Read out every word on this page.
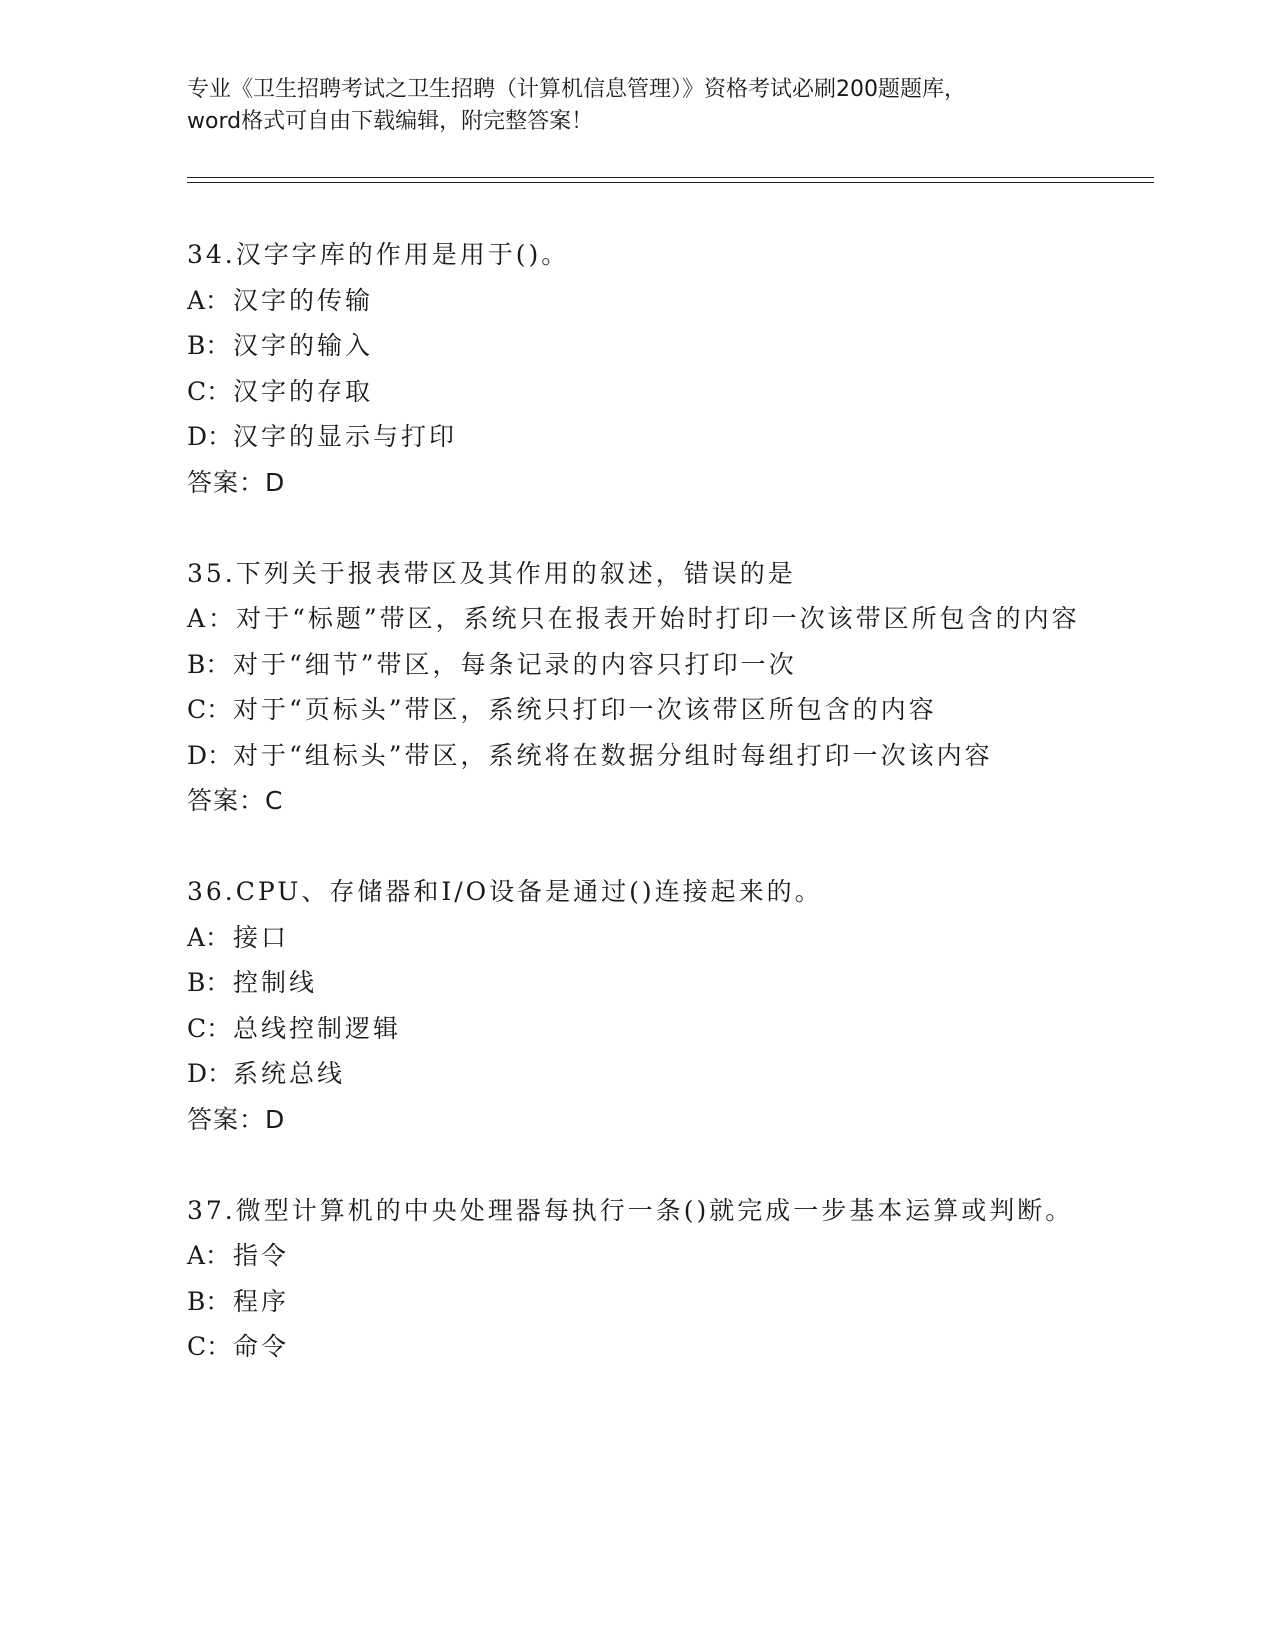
专业《卫生招聘考试之卫生招聘（计算机信息管理）》资格考试必刷200题题库，
word格式可自由下载编辑，附完整答案！
34.汉字字库的作用是用于()。
A： 汉字的传输
B： 汉字的输入
C：汉字的存取
D：汉字的显示与打印
答案：D
35.下列关于报表带区及其作用的叙述，错误的是
A：对于“标题”带区，系统只在报表开始时打印一次该带区所包含的内容
B： 对于“细节”带区，每条记录的内容只打印一次
C：对于“页标头”带区，系统只打印一次该带区所包含的内容
D：对于“组标头”带区，系统将在数据分组时每组打印一次该内容
答案：C
36.CPU、存储器和I/O设备是通过()连接起来的。
A： 接口
B： 控制线
C：总线控制逻辑
D：系统总线
答案：D
37.微型计算机的中央处理器每执行一条()就完成一步基本运算或判断。
A： 指令
B： 程序
C：命令
